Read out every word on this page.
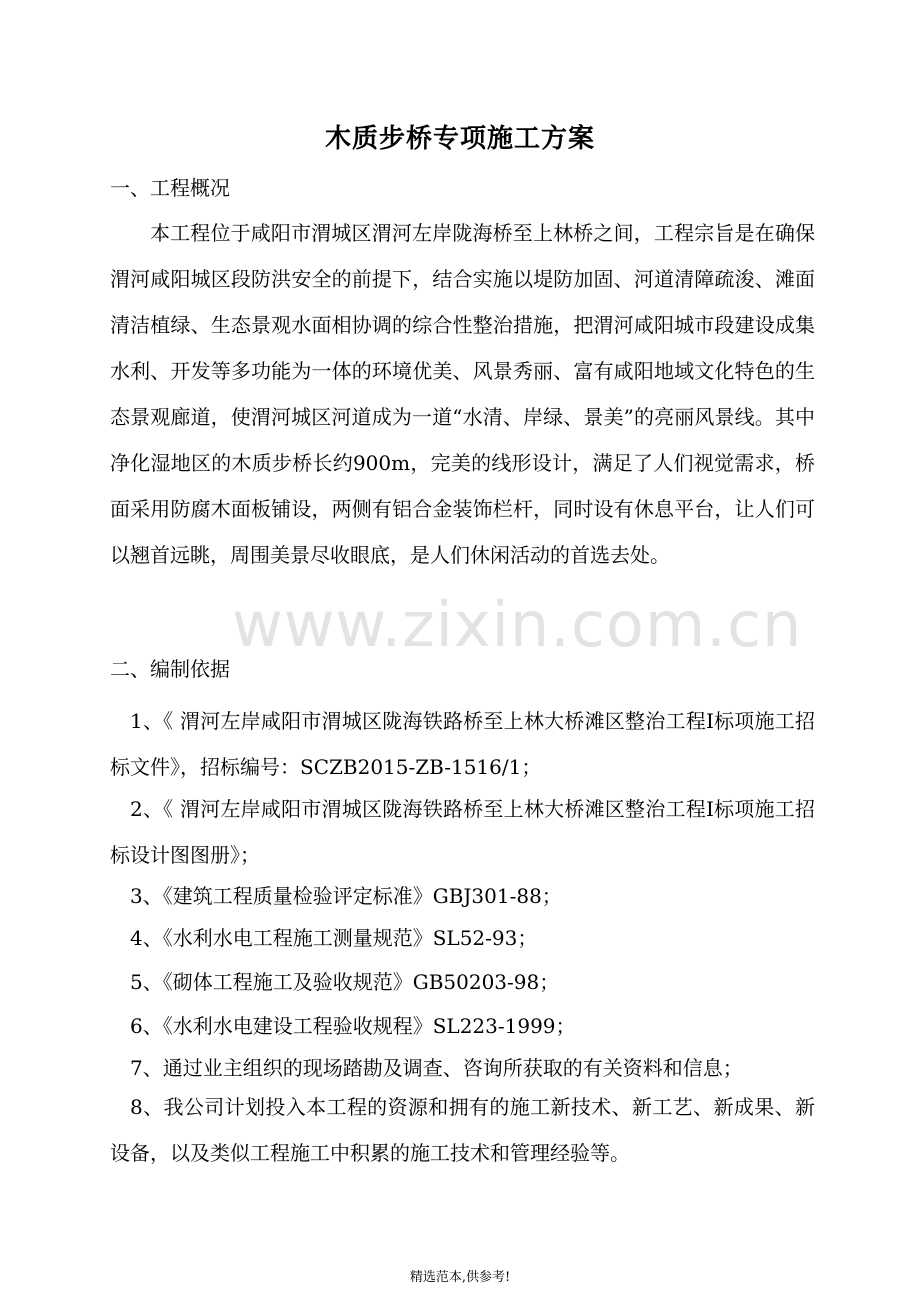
www.zixin.com.cn
木质步桥专项施工方案
一、工程概况

本工程位于咸阳市渭城区渭河左岸陇海桥至上林桥之间，工程宗旨是在确保渭河咸阳城区段防洪安全的前提下，结合实施以堤防加固、河道清障疏浚、滩面清洁植绿、生态景观水面相协调的综合性整治措施，把渭河咸阳城市段建设成集水利、开发等多功能为一体的环境优美、风景秀丽、富有咸阳地域文化特色的生态景观廊道，使渭河城区河道成为一道“水清、岸绿、景美”的亮丽风景线。其中净化湿地区的木质步桥长约900m，完美的线形设计，满足了人们视觉需求，桥面采用防腐木面板铺设，两侧有铝合金装饰栏杆，同时设有休息平台，让人们可以翘首远眺，周围美景尽收眼底，是人们休闲活动的首选去处。

二、编制依据

1、《 渭河左岸咸阳市渭城区陇海铁路桥至上林大桥滩区整治工程Ⅰ标项施工招标文件》，招标编号：SCZB2015-ZB-1516/1；

2、《 渭河左岸咸阳市渭城区陇海铁路桥至上林大桥滩区整治工程Ⅰ标项施工招标设计图图册》；

3、《建筑工程质量检验评定标准》GBJ301-88；
4、《水利水电工程施工测量规范》SL52-93；
5、《砌体工程施工及验收规范》GB50203-98；
6、《水利水电建设工程验收规程》SL223-1999；
7、通过业主组织的现场踏勘及调查、咨询所获取的有关资料和信息；

8、我公司计划投入本工程的资源和拥有的施工新技术、新工艺、新成果、新设备，以及类似工程施工中积累的施工技术和管理经验等。

精选范本,供参考!
